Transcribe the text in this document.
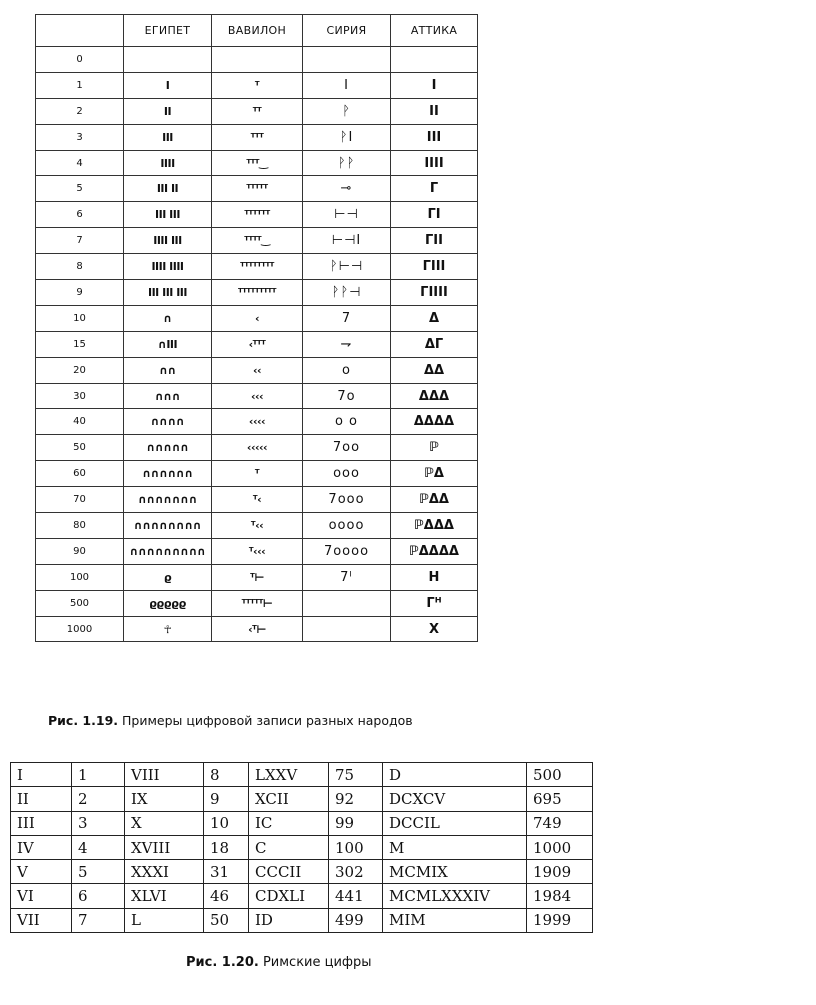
	ЕГИПЕТ	ВАВИЛОН	СИРИЯ	АТТИКА
0				
1	I	ᵀ	I	I
2	II	ᵀᵀ	ᚹ	II
3	III	ᵀᵀᵀ	ᚹI	III
4	IIII	ᵀᵀᵀ‿	ᚹᚹ	IIII
5	III II	ᵀᵀᵀᵀᵀ	⊸	Γ
6	III III	ᵀᵀᵀᵀᵀᵀ	⊢⊣	ΓI
7	IIII III	ᵀᵀᵀᵀ‿	⊢⊣I	ΓII
8	IIII IIII	ᵀᵀᵀᵀᵀᵀᵀᵀ	ᚹ⊢⊣	ΓIII
9	III III III	ᵀᵀᵀᵀᵀᵀᵀᵀᵀ	ᚹᚹ⊣	ΓIIII
10	∩	‹	7	Δ
15	∩III	‹ᵀᵀᵀ	⇁	ΔΓ
20	∩∩	‹‹	o	ΔΔ
30	∩∩∩	‹‹‹	7o	ΔΔΔ
40	∩∩∩∩	‹‹‹‹	o o	ΔΔΔΔ
50	∩∩∩∩∩	‹‹‹‹‹	7oo	ℙ
60	∩∩∩∩∩∩	ᵀ	ooo	ℙΔ
70	∩∩∩∩∩∩∩	ᵀ‹	7ooo	ℙΔΔ
80	∩∩∩∩∩∩∩∩	ᵀ‹‹	oooo	ℙΔΔΔ
90	∩∩∩∩∩∩∩∩∩	ᵀ‹‹‹	7oooo	ℙΔΔΔΔ
100	ϱ	ᵀ⊢	7ᴵ	H
500	ϱϱϱϱϱ	ᵀᵀᵀᵀᵀ⊢		Γᴴ
1000	☥	‹ᵀ⊢		X
Рис. 1.19. Примеры цифровой записи разных народов
I	1	VIII	8	LXXV	75	D	500
II	2	IX	9	XCII	92	DCXCV	695
III	3	X	10	IC	99	DCCIL	749
IV	4	XVIII	18	C	100	M	1000
V	5	XXXI	31	CCCII	302	MCMIX	1909
VI	6	XLVI	46	CDXLI	441	MCMLXXXIV	1984
VII	7	L	50	ID	499	MIM	1999
Рис. 1.20. Римские цифры
